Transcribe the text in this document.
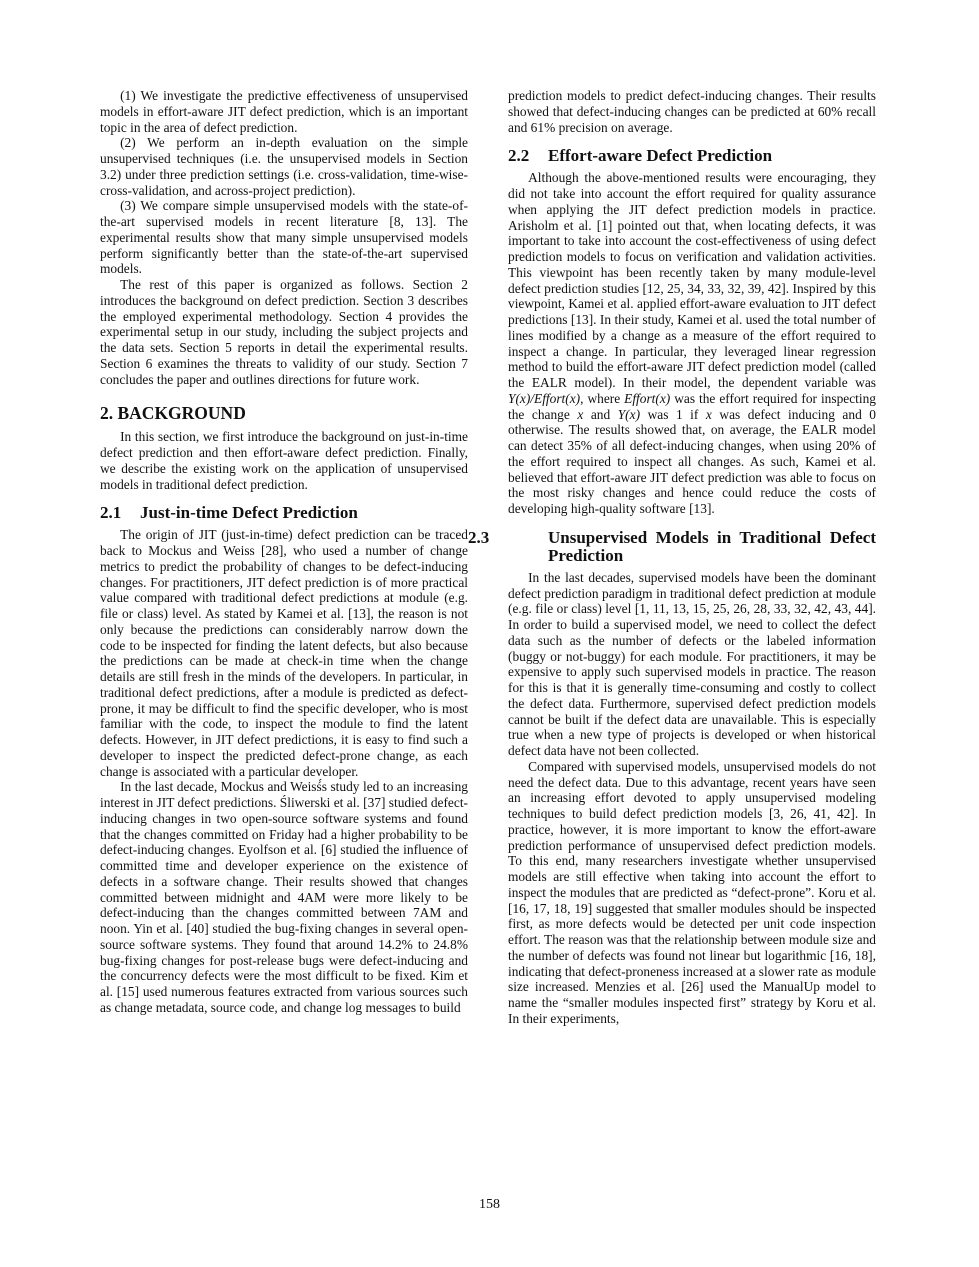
(1) We investigate the predictive effectiveness of unsupervised models in effort-aware JIT defect prediction, which is an important topic in the area of defect prediction.

(2) We perform an in-depth evaluation on the simple unsupervised techniques (i.e. the unsupervised models in Section 3.2) under three prediction settings (i.e. cross-validation, time-wise-cross-validation, and across-project prediction).

(3) We compare simple unsupervised models with the state-of-the-art supervised models in recent literature [8, 13]. The experimental results show that many simple unsupervised models perform significantly better than the state-of-the-art supervised models.

The rest of this paper is organized as follows. Section 2 introduces the background on defect prediction. Section 3 describes the employed experimental methodology. Section 4 provides the experimental setup in our study, including the subject projects and the data sets. Section 5 reports in detail the experimental results. Section 6 examines the threats to validity of our study. Section 7 concludes the paper and outlines directions for future work.

2. BACKGROUND

In this section, we first introduce the background on just-in-time defect prediction and then effort-aware defect prediction. Finally, we describe the existing work on the application of unsupervised models in traditional defect prediction.

2.1 Just-in-time Defect Prediction

The origin of JIT (just-in-time) defect prediction can be traced back to Mockus and Weiss [28], who used a number of change metrics to predict the probability of changes to be defect-inducing changes. For practitioners, JIT defect prediction is of more practical value compared with traditional defect predictions at module (e.g. file or class) level. As stated by Kamei et al. [13], the reason is not only because the predictions can considerably narrow down the code to be inspected for finding the latent defects, but also because the predictions can be made at check-in time when the change details are still fresh in the minds of the developers. In particular, in traditional defect predictions, after a module is predicted as defect-prone, it may be difficult to find the specific developer, who is most familiar with the code, to inspect the module to find the latent defects. However, in JIT defect predictions, it is easy to find such a developer to inspect the predicted defect-prone change, as each change is associated with a particular developer.

In the last decade, Mockus and Weisś́s study led to an increasing interest in JIT defect predictions. Śliwerski et al. [37] studied defect-inducing changes in two open-source software systems and found that the changes committed on Friday had a higher probability to be defect-inducing changes. Eyolfson et al. [6] studied the influence of committed time and developer experience on the existence of defects in a software change. Their results showed that changes committed between midnight and 4AM were more likely to be defect-inducing than the changes committed between 7AM and noon. Yin et al. [40] studied the bug-fixing changes in several open-source software systems. They found that around 14.2% to 24.8% bug-fixing changes for post-release bugs were defect-inducing and the concurrency defects were the most difficult to be fixed. Kim et al. [15] used numerous features extracted from various sources such as change metadata, source code, and change log messages to build

prediction models to predict defect-inducing changes. Their results showed that defect-inducing changes can be predicted at 60% recall and 61% precision on average.

2.2 Effort-aware Defect Prediction

Although the above-mentioned results were encouraging, they did not take into account the effort required for quality assurance when applying the JIT defect prediction models in practice. Arisholm et al. [1] pointed out that, when locating defects, it was important to take into account the cost-effectiveness of using defect prediction models to focus on verification and validation activities. This viewpoint has been recently taken by many module-level defect prediction studies [12, 25, 34, 33, 32, 39, 42]. Inspired by this viewpoint, Kamei et al. applied effort-aware evaluation to JIT defect predictions [13]. In their study, Kamei et al. used the total number of lines modified by a change as a measure of the effort required to inspect a change. In particular, they leveraged linear regression method to build the effort-aware JIT defect prediction model (called the EALR model). In their model, the dependent variable was Y(x)/Effort(x), where Effort(x) was the effort required for inspecting the change x and Y(x) was 1 if x was defect inducing and 0 otherwise. The results showed that, on average, the EALR model can detect 35% of all defect-inducing changes, when using 20% of the effort required to inspect all changes. As such, Kamei et al. believed that effort-aware JIT defect prediction was able to focus on the most risky changes and hence could reduce the costs of developing high-quality software [13].

2.3	Unsupervised Models in Traditional Defect Prediction

In the last decades, supervised models have been the dominant defect prediction paradigm in traditional defect prediction at module (e.g. file or class) level [1, 11, 13, 15, 25, 26, 28, 33, 32, 42, 43, 44]. In order to build a supervised model, we need to collect the defect data such as the number of defects or the labeled information (buggy or not-buggy) for each module. For practitioners, it may be expensive to apply such supervised models in practice. The reason for this is that it is generally time-consuming and costly to collect the defect data. Furthermore, supervised defect prediction models cannot be built if the defect data are unavailable. This is especially true when a new type of projects is developed or when historical defect data have not been collected.

Compared with supervised models, unsupervised models do not need the defect data. Due to this advantage, recent years have seen an increasing effort devoted to apply unsupervised modeling techniques to build defect prediction models [3, 26, 41, 42]. In practice, however, it is more important to know the effort-aware prediction performance of unsupervised defect prediction models. To this end, many researchers investigate whether unsupervised models are still effective when taking into account the effort to inspect the modules that are predicted as “defect-prone”. Koru et al. [16, 17, 18, 19] suggested that smaller modules should be inspected first, as more defects would be detected per unit code inspection effort. The reason was that the relationship between module size and the number of defects was found not linear but logarithmic [16, 18], indicating that defect-proneness increased at a slower rate as module size increased. Menzies et al. [26] used the ManualUp model to name the “smaller modules inspected first” strategy by Koru et al. In their experiments,

158
